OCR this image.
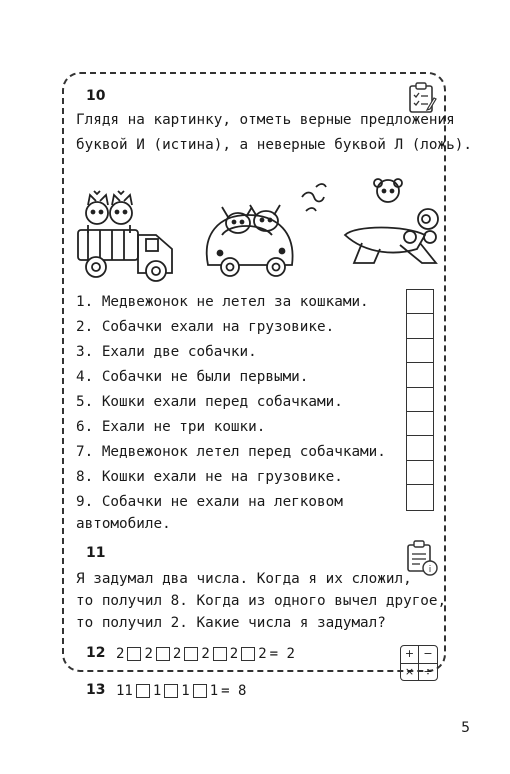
10
Глядя на картинку, отметь верные предложения
буквой И (истина), а неверные буквой Л (ложь).
1. Медвежонок не летел за кошками.
2. Собачки ехали на грузовике.
3. Ехали две собачки.
4. Собачки не были первыми.
5. Кошки ехали перед собачками.
6. Ехали не три кошки.
7. Медвежонок летел перед собачками.
8. Кошки ехали не на грузовике.
9. Собачки не ехали на легковом
автомобиле.
11
i
Я задумал два числа. Когда я их сложил,
то получил 8. Когда из одного вычел другое,
то получил 2. Какие числа я задумал?
12 2 2 2 2 2 2 = 2	+ −
× ÷
13 11 1 1 1 = 8
5
